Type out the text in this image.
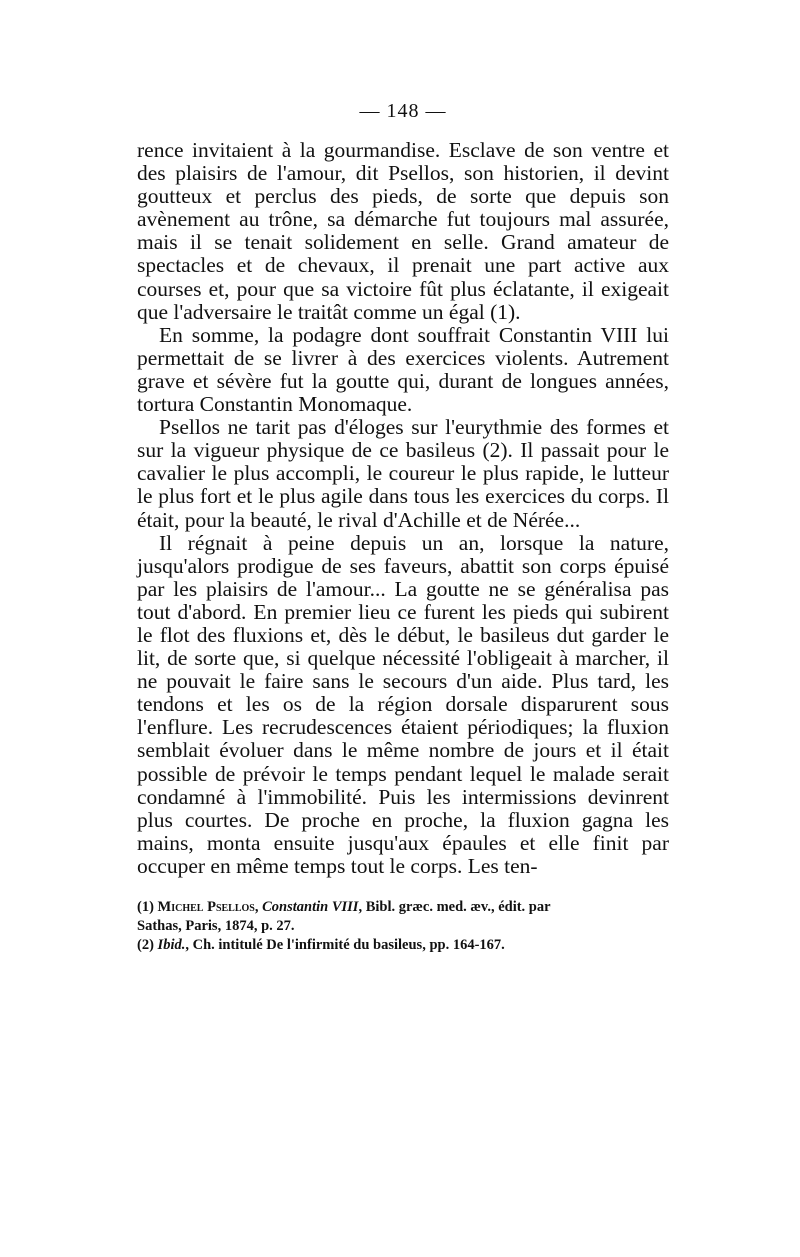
— 148 —

rence invitaient à la gourmandise. Esclave de son ventre et des plaisirs de l'amour, dit Psellos, son historien, il devint goutteux et perclus des pieds, de sorte que depuis son avènement au trône, sa démarche fut toujours mal assurée, mais il se tenait solidement en selle. Grand amateur de spectacles et de chevaux, il prenait une part active aux courses et, pour que sa victoire fût plus éclatante, il exigeait que l'adversaire le traitât comme un égal (1).

En somme, la podagre dont souffrait Constantin VIII lui permettait de se livrer à des exercices violents. Autrement grave et sévère fut la goutte qui, durant de longues années, tortura Constantin Monomaque.

Psellos ne tarit pas d'éloges sur l'eurythmie des formes et sur la vigueur physique de ce basileus (2). Il passait pour le cavalier le plus accompli, le coureur le plus rapide, le lutteur le plus fort et le plus agile dans tous les exercices du corps. Il était, pour la beauté, le rival d'Achille et de Nérée...

Il régnait à peine depuis un an, lorsque la nature, jusqu'alors prodigue de ses faveurs, abattit son corps épuisé par les plaisirs de l'amour... La goutte ne se généralisa pas tout d'abord. En premier lieu ce furent les pieds qui subirent le flot des fluxions et, dès le début, le basileus dut garder le lit, de sorte que, si quelque nécessité l'obligeait à marcher, il ne pouvait le faire sans le secours d'un aide. Plus tard, les tendons et les os de la région dorsale disparurent sous l'enflure. Les recrudescences étaient périodiques; la fluxion semblait évoluer dans le même nombre de jours et il était possible de prévoir le temps pendant lequel le malade serait condamné à l'immobilité. Puis les intermissions devinrent plus courtes. De proche en proche, la fluxion gagna les mains, monta ensuite jusqu'aux épaules et elle finit par occuper en même temps tout le corps. Les ten-

(1) Michel Psellos, Constantin VIII, Bibl. græc. med. æv., édit. par
Sathas, Paris, 1874, p. 27.

(2) Ibid., Ch. intitulé De l'infirmité du basileus, pp. 164-167.
